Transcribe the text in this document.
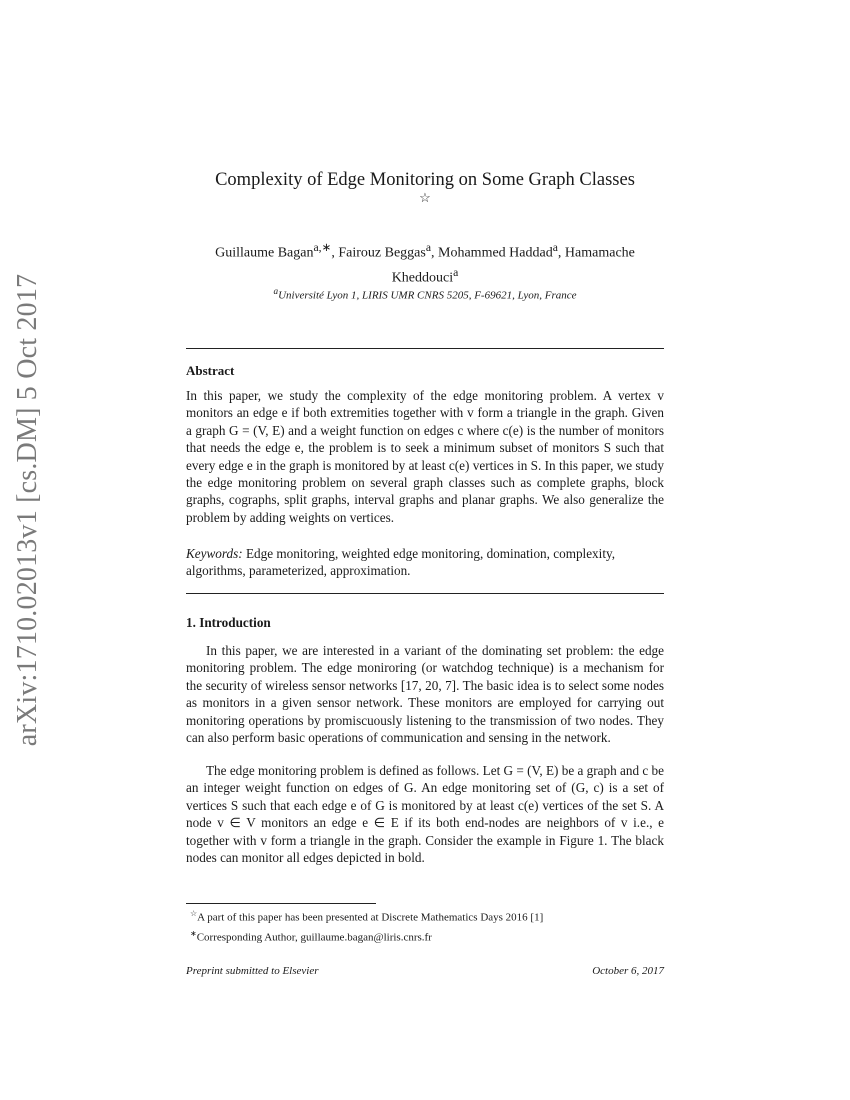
arXiv:1710.02013v1 [cs.DM] 5 Oct 2017
Complexity of Edge Monitoring on Some Graph Classes
☆
Guillaume Bagan$^{a,∗}$, Fairouz Beggas$^a$, Mohammed Haddad$^a$, Hamamache
Kheddouci$^a$
$^a$Université Lyon 1, LIRIS UMR CNRS 5205, F-69621, Lyon, France
Abstract
In this paper, we study the complexity of the edge monitoring problem. A vertex v monitors an edge e if both extremities together with v form a triangle in the graph. Given a graph G = (V, E) and a weight function on edges c where c(e) is the number of monitors that needs the edge e, the problem is to seek a minimum subset of monitors S such that every edge e in the graph is monitored by at least c(e) vertices in S. In this paper, we study the edge monitoring problem on several graph classes such as complete graphs, block graphs, cographs, split graphs, interval graphs and planar graphs. We also generalize the problem by adding weights on vertices.
Keywords: Edge monitoring, weighted edge monitoring, domination, complexity, algorithms, parameterized, approximation.
1. Introduction
In this paper, we are interested in a variant of the dominating set problem: the edge monitoring problem. The edge moniroring (or watchdog technique) is a mechanism for the security of wireless sensor networks [17, 20, 7]. The basic idea is to select some nodes as monitors in a given sensor network. These monitors are employed for carrying out monitoring operations by promiscuously listening to the transmission of two nodes. They can also perform basic operations of communication and sensing in the network.
The edge monitoring problem is defined as follows. Let G = (V, E) be a graph and c be an integer weight function on edges of G. An edge monitoring set of (G, c) is a set of vertices S such that each edge e of G is monitored by at least c(e) vertices of the set S. A node v ∈ V monitors an edge e ∈ E if its both end-nodes are neighbors of v i.e., e together with v form a triangle in the graph. Consider the example in Figure 1. The black nodes can monitor all edges depicted in bold.
☆A part of this paper has been presented at Discrete Mathematics Days 2016 [1]
∗Corresponding Author, guillaume.bagan@liris.cnrs.fr
Preprint submitted to Elsevier	October 6, 2017
